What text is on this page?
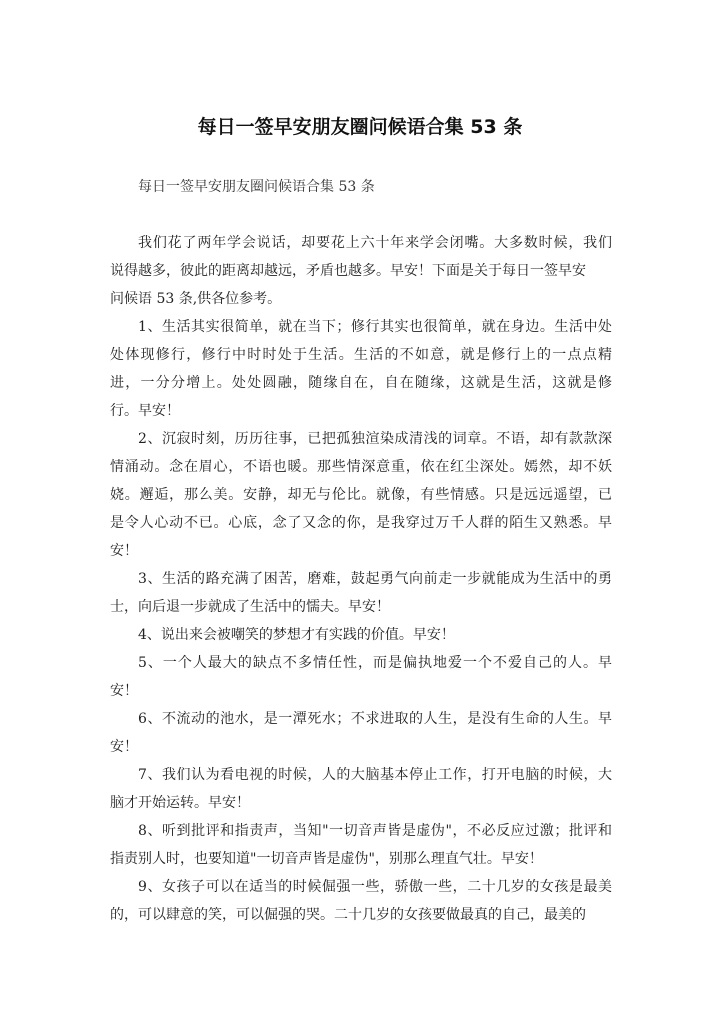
每日一签早安朋友圈问候语合集 53 条
每日一签早安朋友圈问候语合集 53 条
我们花了两年学会说话，却要花上六十年来学会闭嘴。大多数时候，我们
说得越多，彼此的距离却越远，矛盾也越多。早安！下面是关于每日一签早安
问候语 53 条,供各位参考。
1、生活其实很简单，就在当下；修行其实也很简单，就在身边。生活中处
处体现修行，修行中时时处于生活。生活的不如意，就是修行上的一点点精
进，一分分增上。处处圆融，随缘自在，自在随缘，这就是生活，这就是修
行。早安！
2、沉寂时刻，历历往事，已把孤独渲染成清浅的词章。不语，却有款款深
情涌动。念在眉心，不语也暖。那些情深意重，依在红尘深处。嫣然，却不妖
娆。邂逅，那么美。安静，却无与伦比。就像，有些情感。只是远远遥望，已
是令人心动不已。心底，念了又念的你，是我穿过万千人群的陌生又熟悉。早
安！
3、生活的路充满了困苦，磨难，鼓起勇气向前走一步就能成为生活中的勇
士，向后退一步就成了生活中的懦夫。早安！
4、说出来会被嘲笑的梦想才有实践的价值。早安！
5、一个人最大的缺点不多情任性，而是偏执地爱一个不爱自己的人。早
安！
6、不流动的池水，是一潭死水；不求进取的人生，是没有生命的人生。早
安！
7、我们认为看电视的时候，人的大脑基本停止工作，打开电脑的时候，大
脑才开始运转。早安！
8、听到批评和指责声，当知"一切音声皆是虚伪"，不必反应过激；批评和
指责别人时，也要知道"一切音声皆是虚伪"，别那么理直气壮。早安！
9、女孩子可以在适当的时候倔强一些，骄傲一些，二十几岁的女孩是最美
的，可以肆意的笑，可以倔强的哭。二十几岁的女孩要做最真的自己，最美的
